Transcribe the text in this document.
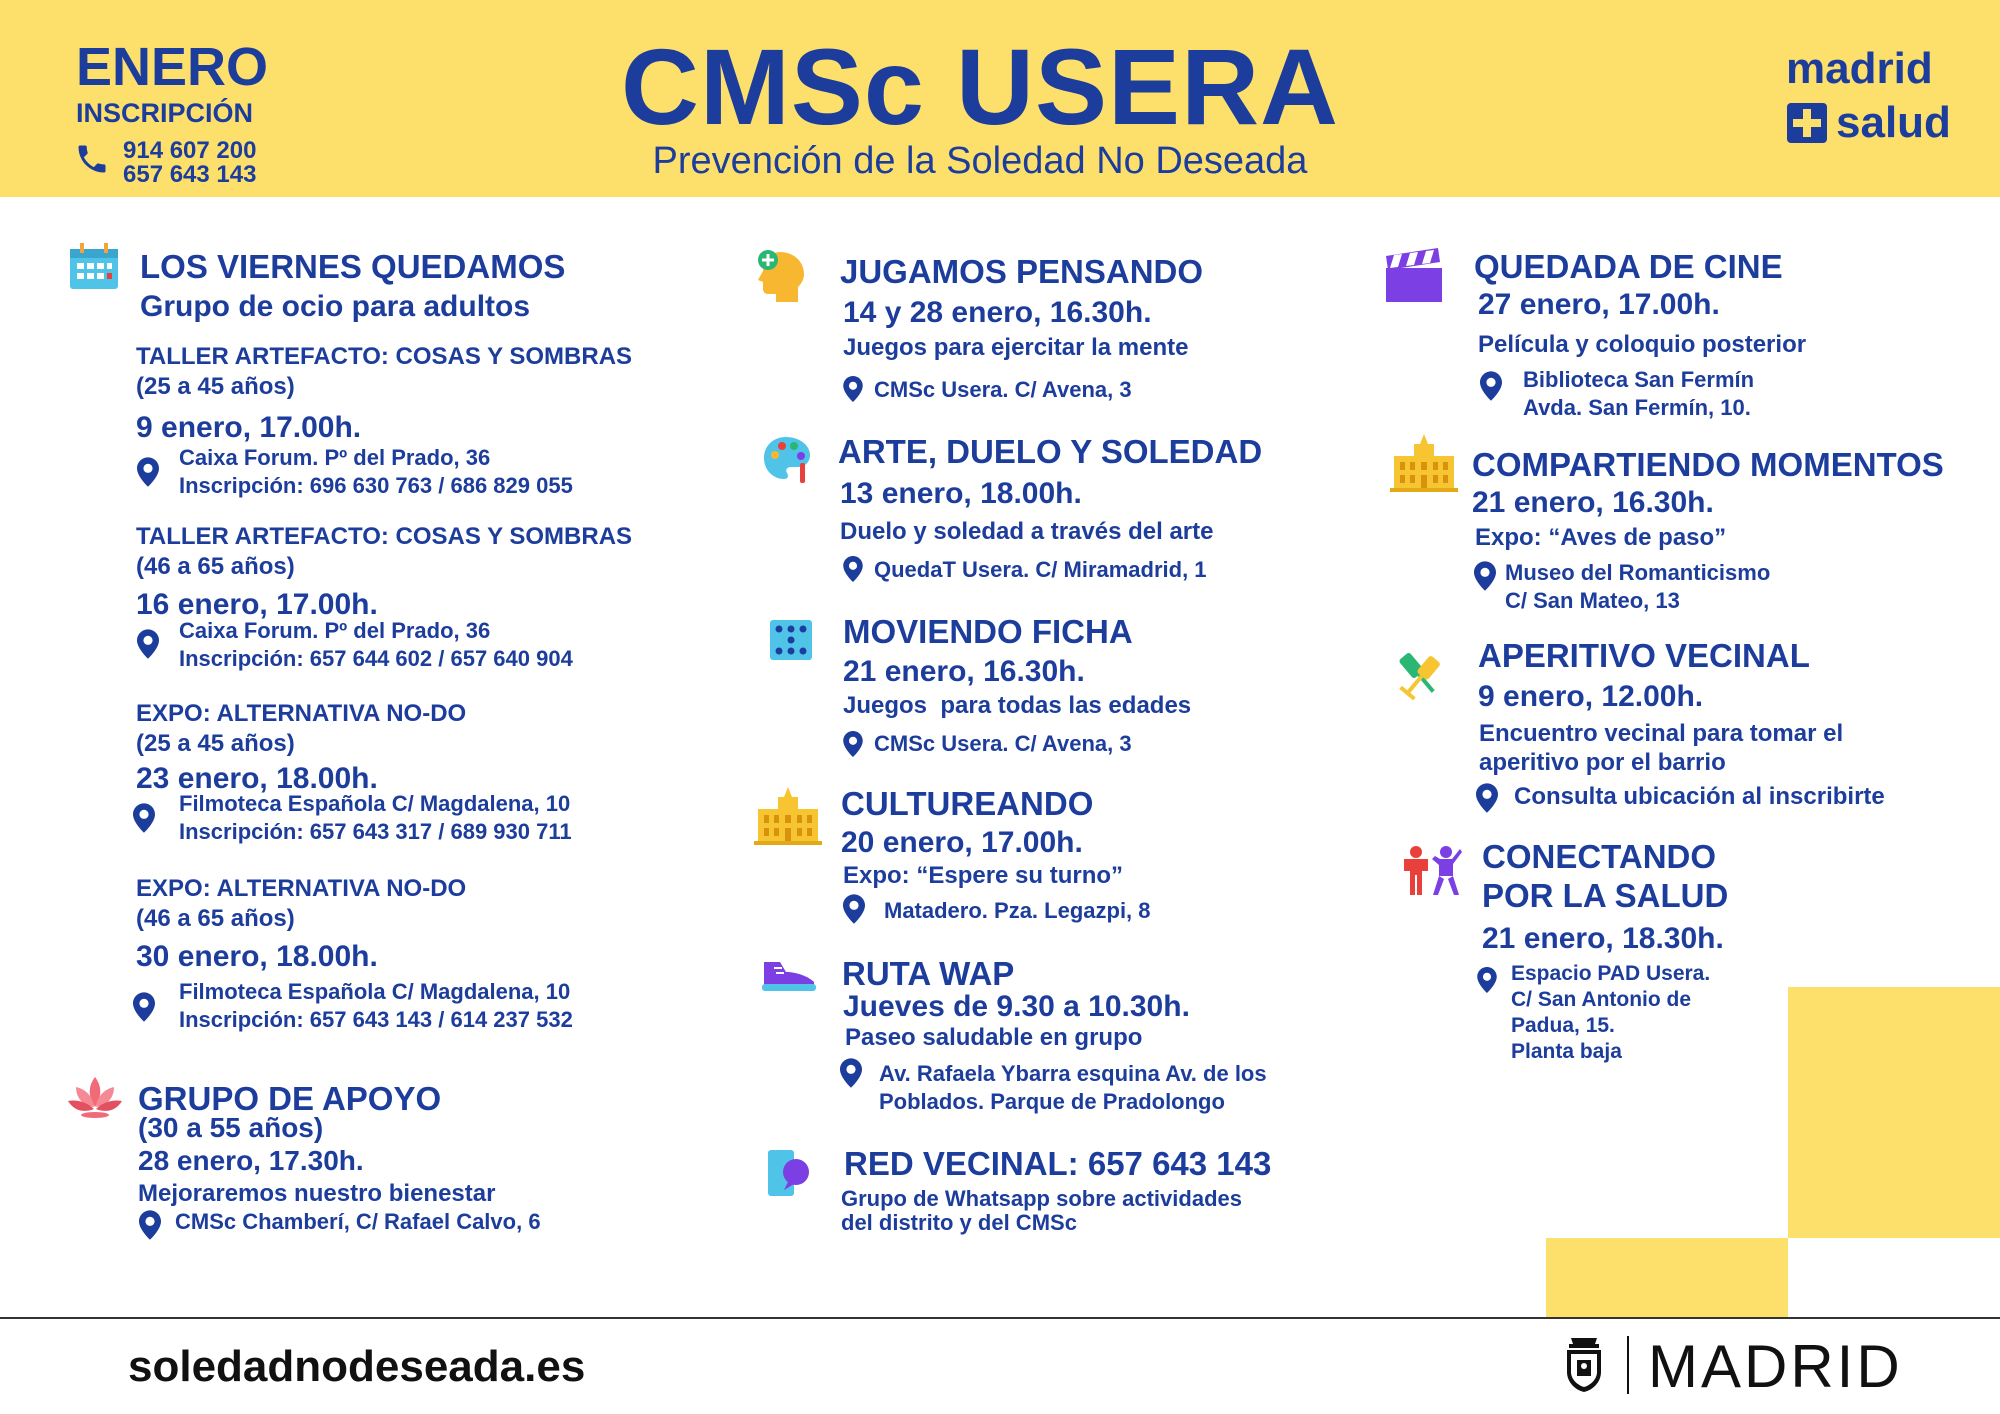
ENERO
INSCRIPCIÓN
914 607 200
657 643 143
CMSc USERA
Prevención de la Soledad No Deseada
madrid
salud
LOS VIERNES QUEDAMOS
Grupo de ocio para adultos
TALLER ARTEFACTO: COSAS Y SOMBRAS
(25 a 45 años)
9 enero, 17.00h.
Caixa Forum. Pº del Prado, 36
Inscripción: 696 630 763 / 686 829 055
TALLER ARTEFACTO: COSAS Y SOMBRAS
(46 a 65 años)
16 enero, 17.00h.
Caixa Forum. Pº del Prado, 36
Inscripción: 657 644 602 / 657 640 904
EXPO: ALTERNATIVA NO-DO
(25 a 45 años)
23 enero, 18.00h.
Filmoteca Española C/ Magdalena, 10
Inscripción: 657 643 317 / 689 930 711
EXPO: ALTERNATIVA NO-DO
(46 a 65 años)
30 enero, 18.00h.
Filmoteca Española C/ Magdalena, 10
Inscripción: 657 643 143 / 614 237 532
GRUPO DE APOYO
(30 a 55 años)
28 enero, 17.30h.
Mejoraremos nuestro bienestar
CMSc Chamberí, C/ Rafael Calvo, 6
JUGAMOS PENSANDO
14 y 28 enero, 16.30h.
Juegos para ejercitar la mente
CMSc Usera. C/ Avena, 3
ARTE, DUELO Y SOLEDAD
13 enero, 18.00h.
Duelo y soledad a través del arte
QuedaT Usera. C/ Miramadrid, 1
MOVIENDO FICHA
21 enero, 16.30h.
Juegos  para todas las edades
CMSc Usera. C/ Avena, 3
CULTUREANDO
20 enero, 17.00h.
Expo: “Espere su turno”
Matadero. Pza. Legazpi, 8
RUTA WAP
Jueves de 9.30 a 10.30h.
Paseo saludable en grupo
Av. Rafaela Ybarra esquina Av. de los
Poblados. Parque de Pradolongo
RED VECINAL: 657 643 143
Grupo de Whatsapp sobre actividades
del distrito y del CMSc
QUEDADA DE CINE
27 enero, 17.00h.
Película y coloquio posterior
Biblioteca San Fermín
Avda. San Fermín, 10.
COMPARTIENDO MOMENTOS
21 enero, 16.30h.
Expo: “Aves de paso”
Museo del Romanticismo
C/ San Mateo, 13
APERITIVO VECINAL
9 enero, 12.00h.
Encuentro vecinal para tomar el
aperitivo por el barrio
Consulta ubicación al inscribirte
CONECTANDO
POR LA SALUD
21 enero, 18.30h.
Espacio PAD Usera.
C/ San Antonio de
Padua, 15.
Planta baja
soledadnodeseada.es	MADRID
